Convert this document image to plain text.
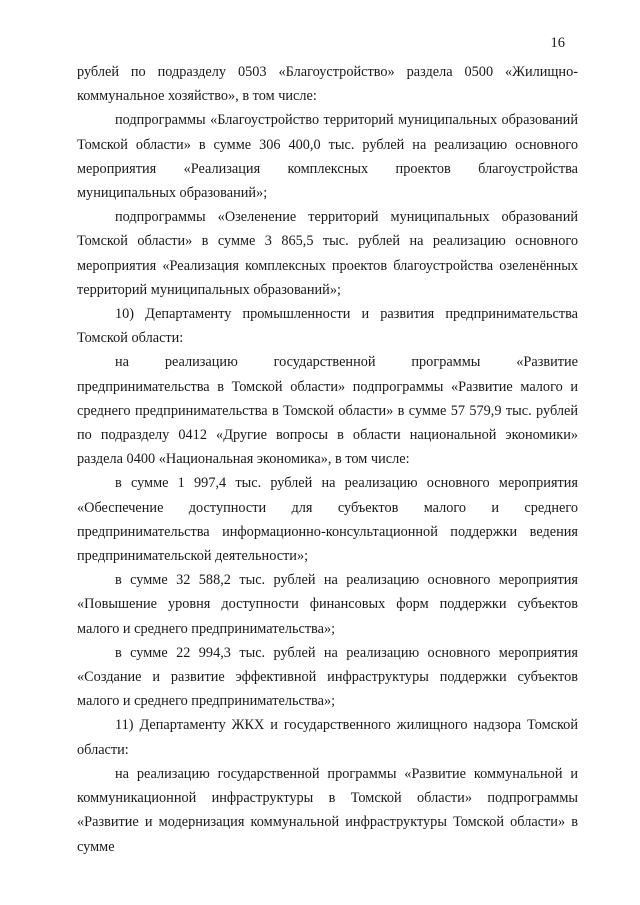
16

рублей по подразделу 0503 «Благоустройство» раздела 0500 «Жилищно-коммунальное хозяйство», в том числе:

подпрограммы «Благоустройство территорий муниципальных образований Томской области» в сумме 306 400,0 тыс. рублей на реализацию основного мероприятия «Реализация комплексных проектов благоустройства муниципальных образований»;

подпрограммы «Озеленение территорий муниципальных образований Томской области» в сумме 3 865,5 тыс. рублей на реализацию основного мероприятия «Реализация комплексных проектов благоустройства озеленённых территорий муниципальных образований»;

10) Департаменту промышленности и развития предпринимательства Томской области:

на реализацию государственной программы «Развитие предпринимательства в Томской области» подпрограммы «Развитие малого и среднего предпринимательства в Томской области» в сумме 57 579,9 тыс. рублей по подразделу 0412 «Другие вопросы в области национальной экономики» раздела 0400 «Национальная экономика», в том числе:

в сумме 1 997,4 тыс. рублей на реализацию основного мероприятия «Обеспечение доступности для субъектов малого и среднего предпринимательства информационно-консультационной поддержки ведения предпринимательской деятельности»;

в сумме 32 588,2 тыс. рублей на реализацию основного мероприятия «Повышение уровня доступности финансовых форм поддержки субъектов малого и среднего предпринимательства»;

в сумме 22 994,3 тыс. рублей на реализацию основного мероприятия «Создание и развитие эффективной инфраструктуры поддержки субъектов малого и среднего предпринимательства»;

11) Департаменту ЖКХ и государственного жилищного надзора Томской области:

на реализацию государственной программы «Развитие коммунальной и коммуникационной инфраструктуры в Томской области» подпрограммы «Развитие и модернизация коммунальной инфраструктуры Томской области» в сумме
